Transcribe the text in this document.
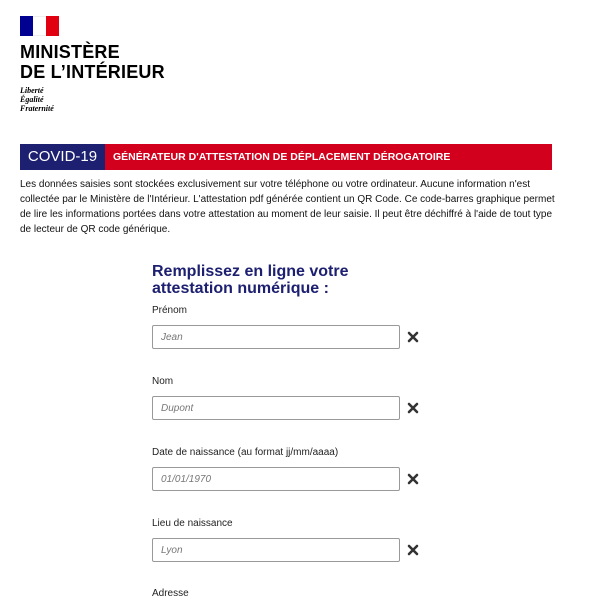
MINISTÈRE
DE L’INTÉRIEUR
Liberté
Égalité
Fraternité
COVID-19	GÉNÉRATEUR D'ATTESTATION DE DÉPLACEMENT DÉROGATOIRE

Les données saisies sont stockées exclusivement sur votre téléphone ou votre ordinateur. Aucune information n'est collectée par le Ministère de l'Intérieur. L'attestation pdf générée contient un QR Code. Ce code-barres graphique permet de lire les informations portées dans votre attestation au moment de leur saisie. Il peut être déchiffré à l'aide de tout type de lecteur de QR code générique.

Remplissez en ligne votre attestation numérique :
Prénom
Jean
Nom
Dupont
Date de naissance (au format jj/mm/aaaa)
01/01/1970
Lieu de naissance
Lyon
Adresse
